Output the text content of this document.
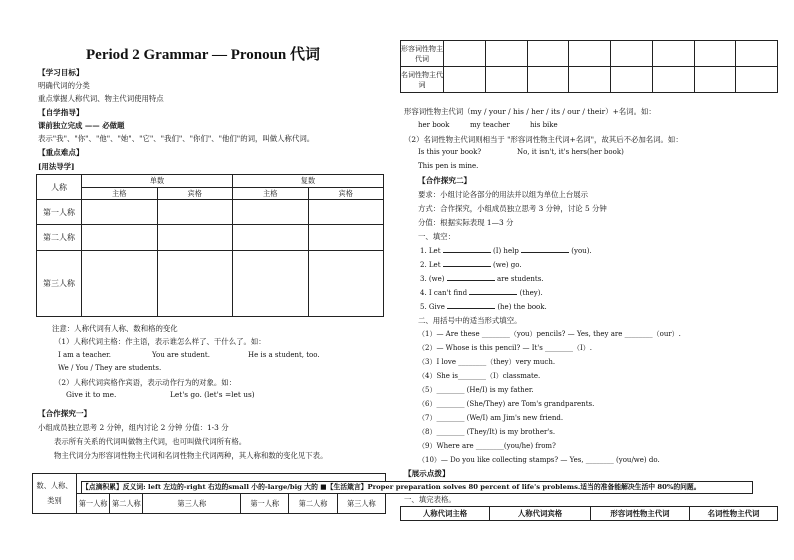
Period 2 Grammar — Pronoun 代词
【学习目标】
明确代词的分类
重点掌握人称代词、物主代词使用特点
【自学指导】
课前独立完成 —— 必做题
表示"我"、"你"、"他"、"她"、"它"、"我们"、"你们"、"他们"的词，叫做人称代词。
【重点难点】
[用法导学]
人称	单数		复数	
	主格	宾格	主格	宾格
第一人称				
第二人称				
第三人称				
注意：人称代词有人称、数和格的变化
（1）人称代词主格：作主语，表示谁怎么样了、干什么了。如：
I am a teacher.	You are student.	He is a student, too.
We / You / They are students.
（2）人称代词宾格作宾语，表示动作行为的对象。如：
Give it to me.	Let's go. (let's =let us)
【合作探究一】
小组成员独立思考 2 分钟，组内讨论 2 分钟 分值：1-3 分
表示所有关系的代词叫做物主代词，也可叫做代词所有格。
物主代词分为形容词性物主代词和名词性物主代词两种，其人称和数的变化见下表。
数、人称、
类别						

	第一人称	第二人称	第三人称	第一人称	第二人称	第三人称
【点滴积累】反义词: left 左边的-right 右边的small 小的-large/big 大的 ■【生活箴言】Proper preparation solves 80 percent of life's problems.适当的准备能解决生活中 80%的问题。
形容词性物主代词								
名词性物主代词								
形容词性物主代词（my / your / his / her / its / our / their）+名词。如：
her book	my teacher	his bike
（2）名词性物主代词则相当于 "形容词性物主代词+名词"，故其后不必加名词。如：
Is this your book?	No, it isn't, it's hers(her book)
This pen is mine.
【合作探究二】
要求：小组讨论各部分的用法并以组为单位上台展示
方式：合作探究，小组成员独立思考 3 分钟，讨论 5 分钟
分值：根据实际表现 1—3 分
一、填空：
1. Let	(I) help	(you).
2. Let	(we) go.
3. (we)	are students.
4. I can't find	(they).
5. Give	(he) the book.
二、用括号中的适当形式填空。
（1）— Are these ________（you）pencils? — Yes, they are ________（our）.
（2）— Whose is this pencil? — It's ________（I）.
（3）I love ________（they）very much.
（4）She is________（I）classmate.
（5）________ (He/I) is my father.
（6）________ (She/They) are Tom's grandparents.
（7）________ (We/I) am Jim's new friend.
（8）________ (They/It) is my brother's.
（9）Where are ________(you/he) from?
（10）— Do you like collecting stamps? — Yes, ________ (you/we) do.
【展示点拨】
一、填完表格。
人称代词主格	人称代词宾格	形容词性物主代词	名词性物主代词
